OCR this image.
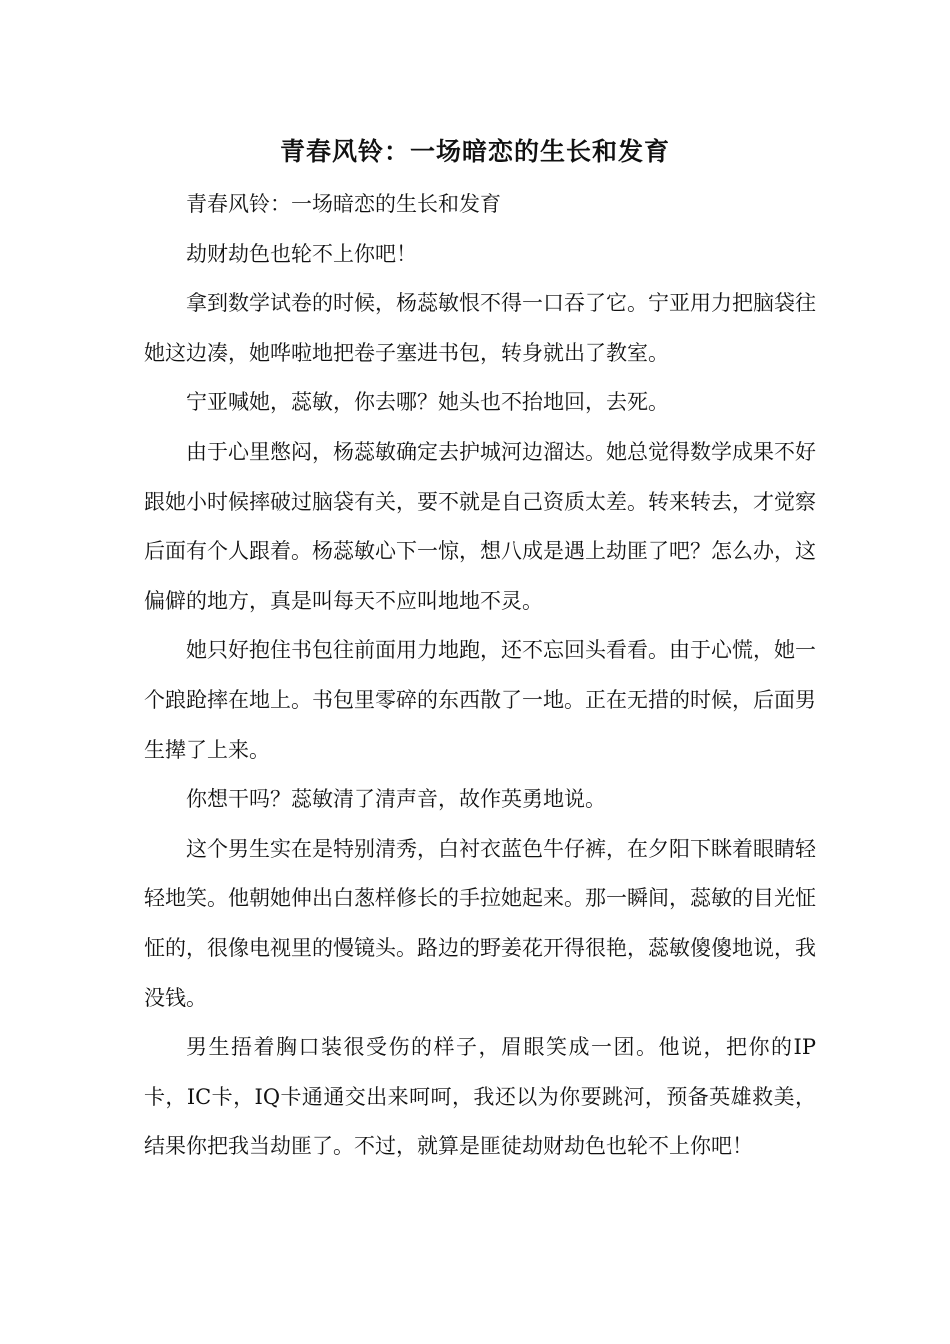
青春风铃：一场暗恋的生长和发育

青春风铃：一场暗恋的生长和发育

劫财劫色也轮不上你吧！

拿到数学试卷的时候，杨蕊敏恨不得一口吞了它。宁亚用力把脑袋往她这边凑，她哗啦地把卷子塞进书包，转身就出了教室。

宁亚喊她，蕊敏，你去哪？她头也不抬地回，去死。

由于心里憋闷，杨蕊敏确定去护城河边溜达。她总觉得数学成果不好跟她小时候摔破过脑袋有关，要不就是自己资质太差。转来转去，才觉察后面有个人跟着。杨蕊敏心下一惊，想八成是遇上劫匪了吧？怎么办，这偏僻的地方，真是叫每天不应叫地地不灵。

她只好抱住书包往前面用力地跑，还不忘回头看看。由于心慌，她一个踉跄摔在地上。书包里零碎的东西散了一地。正在无措的时候，后面男生撵了上来。

你想干吗？蕊敏清了清声音，故作英勇地说。

这个男生实在是特别清秀，白衬衣蓝色牛仔裤，在夕阳下眯着眼睛轻轻地笑。他朝她伸出白葱样修长的手拉她起来。那一瞬间，蕊敏的目光怔怔的，很像电视里的慢镜头。路边的野姜花开得很艳，蕊敏傻傻地说，我没钱。

男生捂着胸口装很受伤的样子，眉眼笑成一团。他说，把你的IP卡，IC卡，IQ卡通通交出来呵呵，我还以为你要跳河，预备英雄救美，结果你把我当劫匪了。不过，就算是匪徒劫财劫色也轮不上你吧！
